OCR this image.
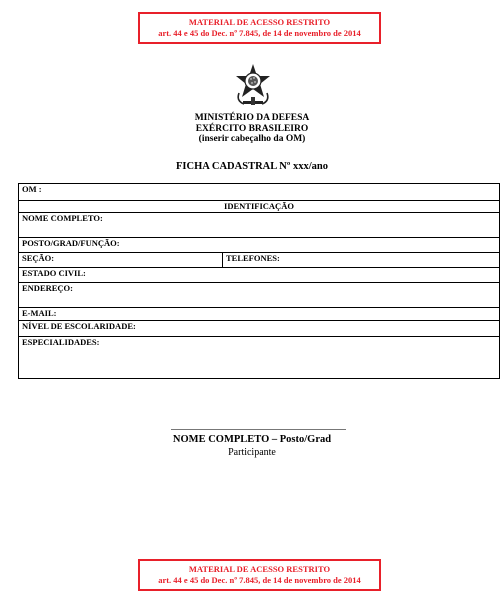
MATERIAL DE ACESSO RESTRITO
art. 44 e 45 do Dec. nº 7.845, de 14 de novembro de 2014
MINISTÉRIO DA DEFESA
EXÉRCITO BRASILEIRO
(inserir cabeçalho da OM)
FICHA CADASTRAL Nº xxx/ano
OM :
IDENTIFICAÇÃO
NOME COMPLETO:
POSTO/GRAD/FUNÇÃO:
SEÇÃO:	TELEFONES:
ESTADO CIVIL:
ENDEREÇO:
E-MAIL:
NÍVEL DE ESCOLARIDADE:
ESPECIALIDADES:
NOME COMPLETO – Posto/Grad
Participante
MATERIAL DE ACESSO RESTRITO
art. 44 e 45 do Dec. nº 7.845, de 14 de novembro de 2014
